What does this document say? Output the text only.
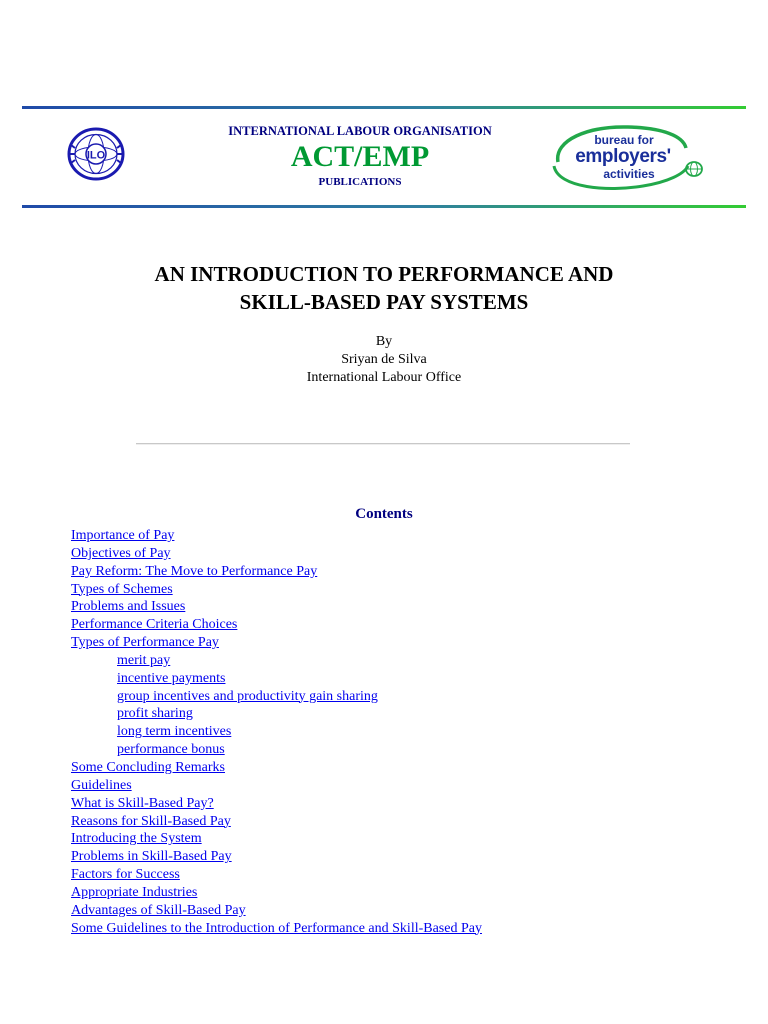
ILO
INTERNATIONAL LABOUR ORGANISATION
ACT/EMP
PUBLICATIONS
bureau for
employers'
activities
AN INTRODUCTION TO PERFORMANCE AND
SKILL-BASED PAY SYSTEMS
By
Sriyan de Silva
International Labour Office
Contents
Importance of Pay
Objectives of Pay
Pay Reform: The Move to Performance Pay
Types of Schemes
Problems and Issues
Performance Criteria Choices
Types of Performance Pay
merit pay
incentive payments
group incentives and productivity gain sharing
profit sharing
long term incentives
performance bonus
Some Concluding Remarks
Guidelines
What is Skill-Based Pay?
Reasons for Skill-Based Pay
Introducing the System
Problems in Skill-Based Pay
Factors for Success
Appropriate Industries
Advantages of Skill-Based Pay
Some Guidelines to the Introduction of Performance and Skill-Based Pay
